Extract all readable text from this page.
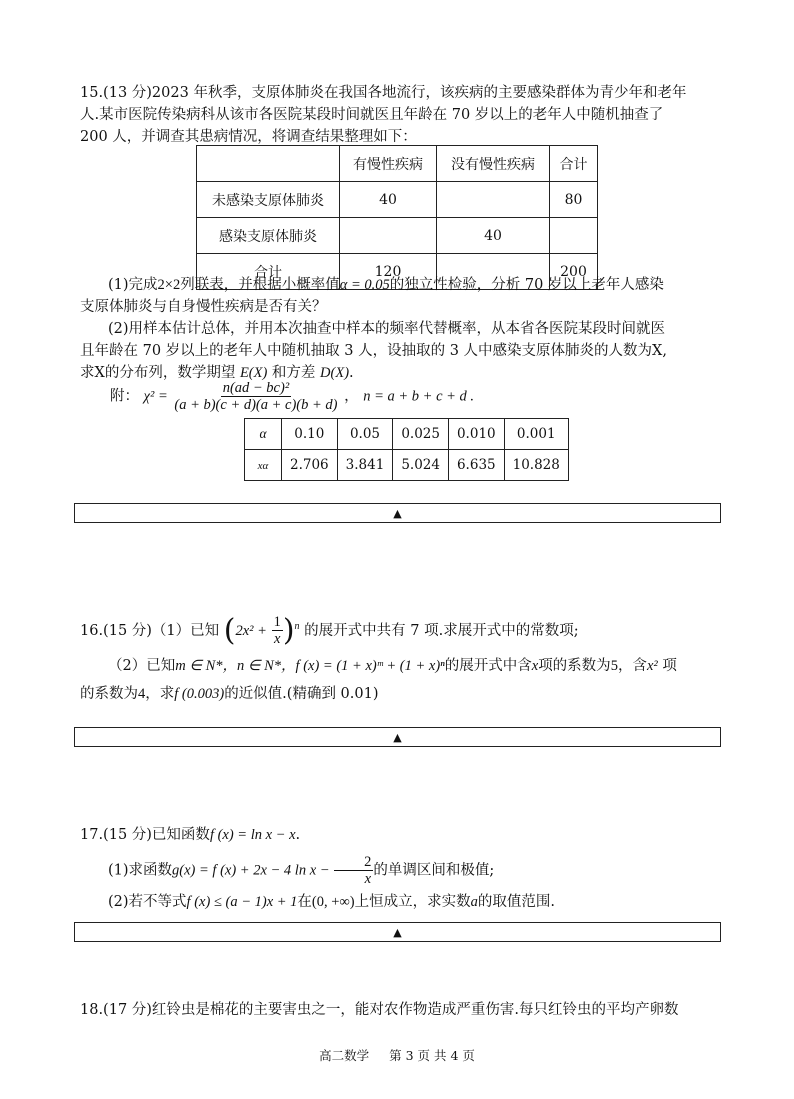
15.(13 分)2023 年秋季，支原体肺炎在我国各地流行，该疾病的主要感染群体为青少年和老年
人.某市医院传染病科从该市各医院某段时间就医且年龄在 70 岁以上的老年人中随机抽查了
200 人，并调查其患病情况，将调查结果整理如下：
	有慢性疾病	没有慢性疾病	合计
未感染支原体肺炎	40		80
感染支原体肺炎		40	
合计	120		200
(1)完成2×2列联表，并根据小概率值α = 0.05的独立性检验，分析 70 岁以上老年人感染
支原体肺炎与自身慢性疾病是否有关？
(2)用样本估计总体，并用本次抽查中样本的频率代替概率，从本省各医院某段时间就医
且年龄在 70 岁以上的老年人中随机抽取 3 人，设抽取的 3 人中感染支原体肺炎的人数为X,
求X的分布列，数学期望 E(X) 和方差 D(X).
附： $\chi^2 = \frac{\text{n(ad − bc)²}}{(a + b)(c + d)(a + c)(b + d)}$ ， n = a + b + c + d .
α	0.10	0.05	0.025	0.010	0.001
xα	2.706	3.841	5.024	6.635	10.828
▲
16.(15 分)（1）已知 $(2x^2 + \frac{1}{x} )^n$ 的展开式中共有 7 项.求展开式中的常数项;
（2）已知m ∈ N*，n ∈ N*，f (x) = (1 + x)ᵐ + (1 + x)ⁿ的展开式中含x项的系数为5，含x² 项
的系数为4，求f (0.003)的近似值.(精确到 0.01)
▲
17.(15 分)已知函数f (x) = ln x − x.
(1)求函数g(x) = f (x) + 2x − 4 $\ln x - \frac{2}{x}$ 的单调区间和极值;
(2)若不等式f (x) ≤ (a − 1)x + 1在(0, +∞)上恒成立，求实数a的取值范围.
▲
18.(17 分)红铃虫是棉花的主要害虫之一，能对农作物造成严重伤害.每只红铃虫的平均产卵数
高二数学 第 3 页 共 4 页
